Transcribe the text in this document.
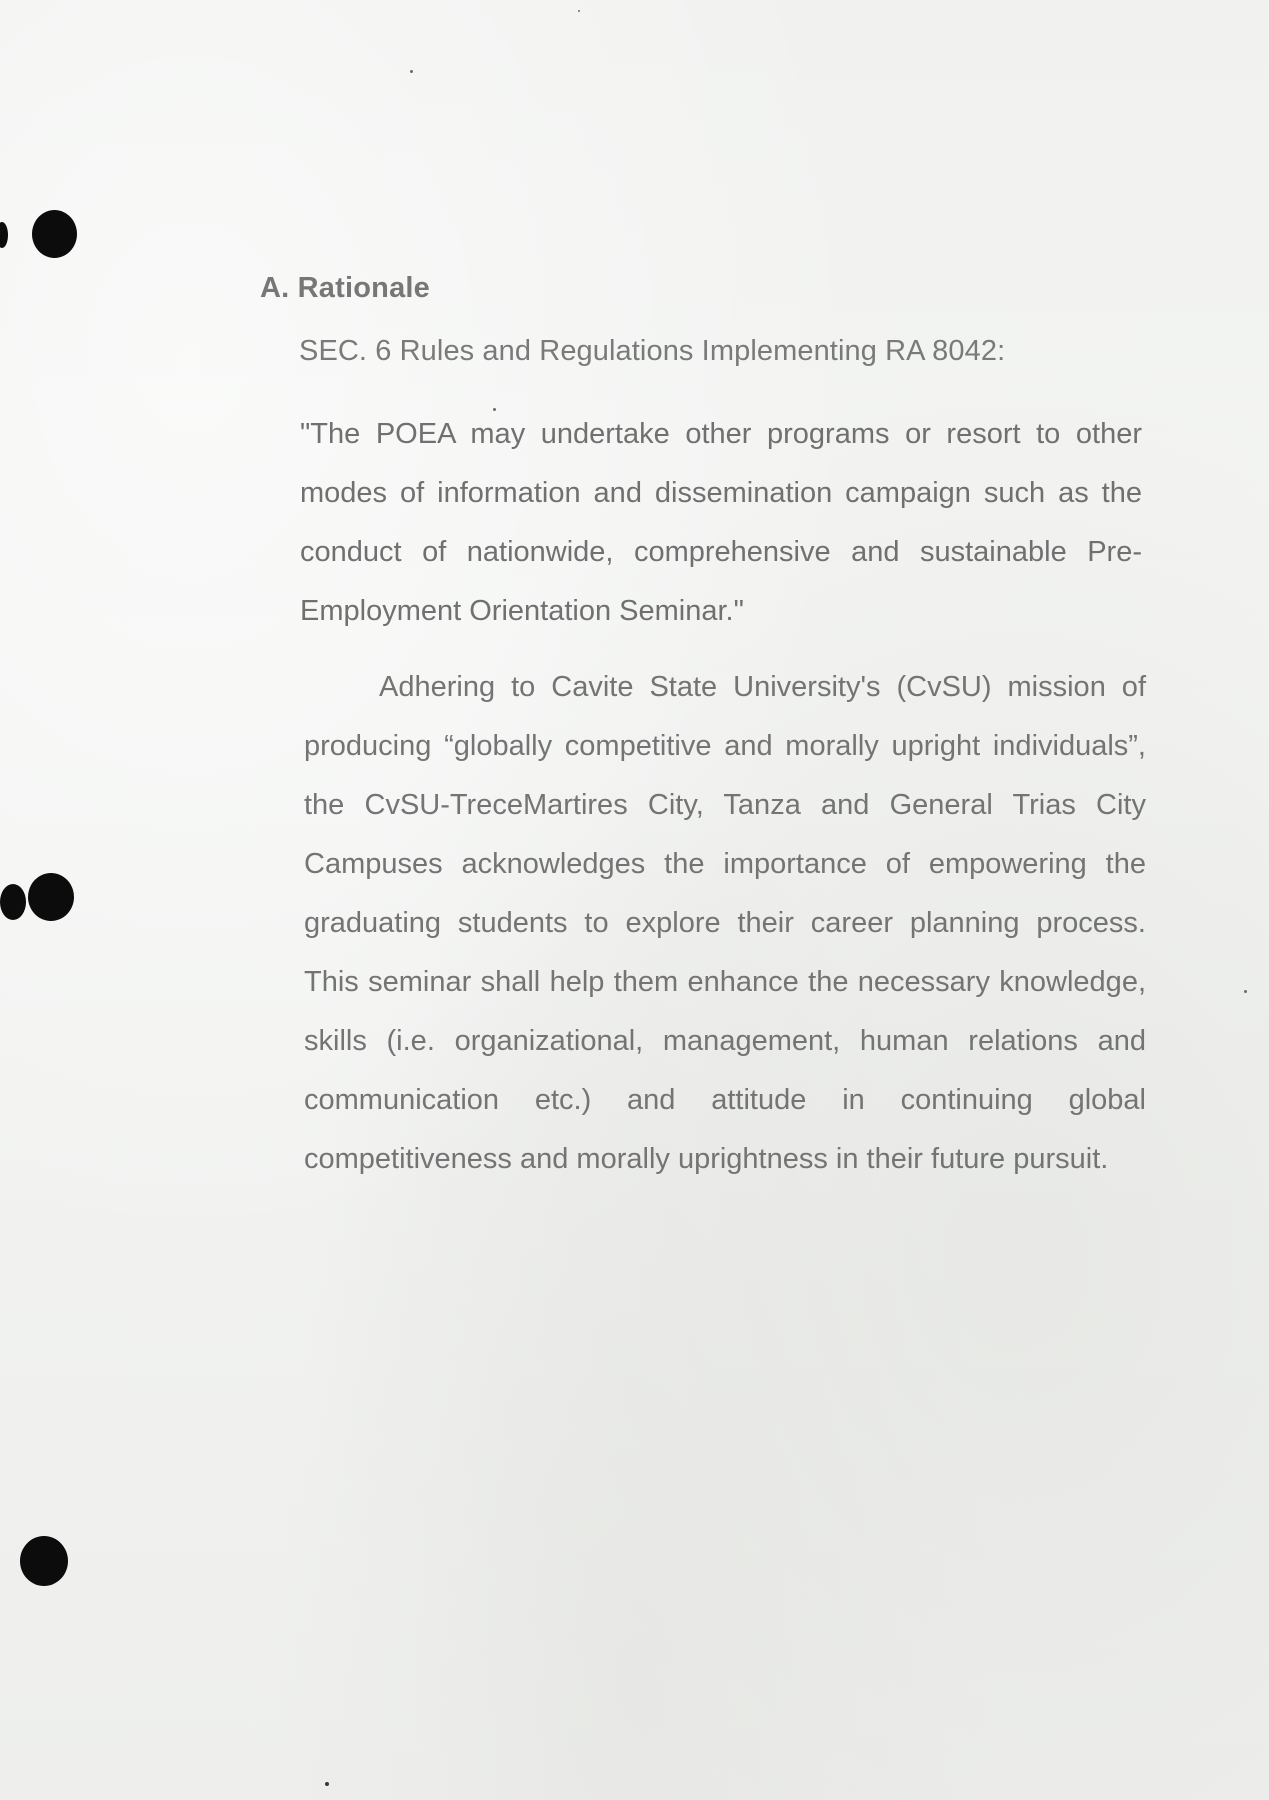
A. Rationale
SEC. 6 Rules and Regulations Implementing RA 8042:

"The POEA may undertake other programs or resort to other modes of information and dissemination campaign such as the conduct of nationwide, comprehensive and sustainable Pre- Employment Orientation Seminar."

Adhering to Cavite State University's (CvSU) mission of producing “globally competitive and morally upright individuals”, the CvSU-TreceMartires City, Tanza and General Trias City Campuses acknowledges the importance of empowering the graduating students to explore their career planning process. This seminar shall help them enhance the necessary knowledge, skills (i.e. organizational, management, human relations and communication etc.) and attitude in continuing global competitiveness and morally uprightness in their future pursuit.
